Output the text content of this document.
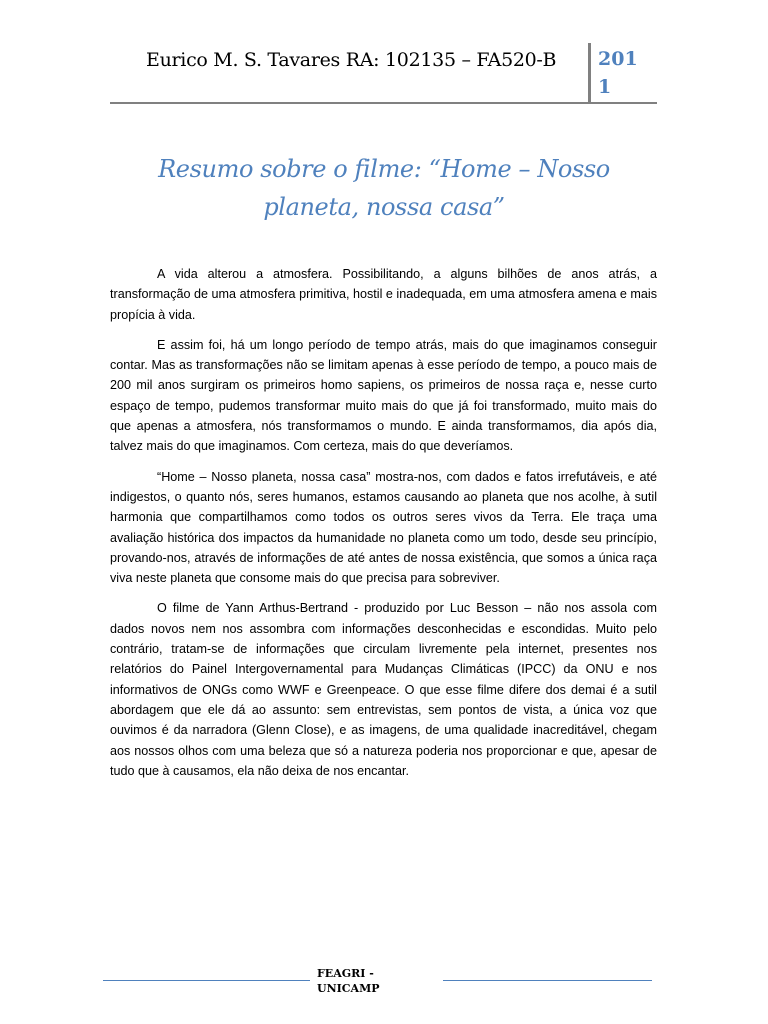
Eurico M. S. Tavares RA: 102135 – FA520-B	2011
Resumo sobre o filme: “Home – Nosso planeta, nossa casa”

A vida alterou a atmosfera. Possibilitando, a alguns bilhões de anos atrás, a transformação de uma atmosfera primitiva, hostil e inadequada, em uma atmosfera amena e mais propícia à vida.

E assim foi, há um longo período de tempo atrás, mais do que imaginamos conseguir contar. Mas as transformações não se limitam apenas à esse período de tempo, a pouco mais de 200 mil anos surgiram os primeiros homo sapiens, os primeiros de nossa raça e, nesse curto espaço de tempo, pudemos transformar muito mais do que já foi transformado, muito mais do que apenas a atmosfera, nós transformamos o mundo. E ainda transformamos, dia após dia, talvez mais do que imaginamos. Com certeza, mais do que deveríamos.

“Home – Nosso planeta, nossa casa” mostra-nos, com dados e fatos irrefutáveis, e até indigestos, o quanto nós, seres humanos, estamos causando ao planeta que nos acolhe, à sutil harmonia que compartilhamos como todos os outros seres vivos da Terra. Ele traça uma avaliação histórica dos impactos da humanidade no planeta como um todo, desde seu princípio, provando-nos, através de informações de até antes de nossa existência, que somos a única raça viva neste planeta que consome mais do que precisa para sobreviver.

O filme de Yann Arthus-Bertrand - produzido por Luc Besson – não nos assola com dados novos nem nos assombra com informações desconhecidas e escondidas. Muito pelo contrário, tratam-se de informações que circulam livremente pela internet, presentes nos relatórios do Painel Intergovernamental para Mudanças Climáticas (IPCC) da ONU e nos informativos de ONGs como WWF e Greenpeace. O que esse filme difere dos demai é a sutil abordagem que ele dá ao assunto: sem entrevistas, sem pontos de vista, a única voz que ouvimos é da narradora (Glenn Close), e as imagens, de uma qualidade inacreditável, chegam aos nossos olhos com uma beleza que só a natureza poderia nos proporcionar e que, apesar de tudo que à causamos, ela não deixa de nos encantar.

FEAGRI - UNICAMP
